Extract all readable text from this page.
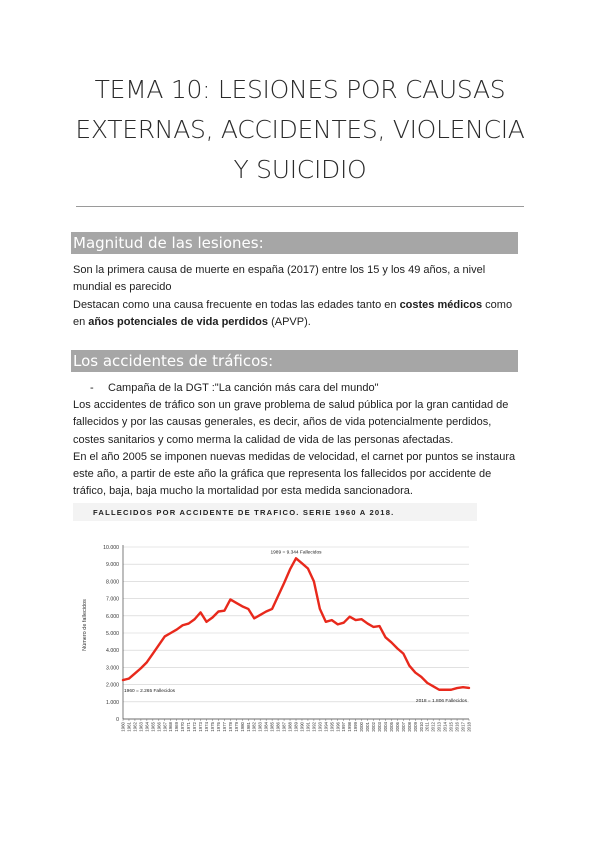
TEMA 10: LESIONES POR CAUSAS
EXTERNAS, ACCIDENTES, VIOLENCIA
Y SUICIDIO
Magnitud de las lesiones:

Son la primera causa de muerte en españa (2017) entre los 15 y los 49 años, a nivel mundial es parecido

Destacan como una causa frecuente en todas las edades tanto en costes médicos como en años potenciales de vida perdidos (APVP).

Los accidentes de tráficos:
- Campaña de la DGT :"La canción más cara del mundo"

Los accidentes de tráfico son un grave problema de salud pública por la gran cantidad de fallecidos y por las causas generales, es decir, años de vida potencialmente perdidos, costes sanitarios y como merma la calidad de vida de las personas afectadas.

En el año 2005 se imponen nuevas medidas de velocidad, el carnet por puntos se instaura este año, a partir de este año la gráfica que representa los fallecidos por accidente de tráfico, baja, baja mucho la mortalidad por esta medida sancionadora.

FALLECIDOS POR ACCIDENTE DE TRAFICO. SERIE 1960 A 2018.
Número de fallecidos
0
1.000
2.000
3.000
4.000
5.000
6.000
7.000
8.000
9.000
10.000
1960 1961 1962 1963 1964 1965 1966 1967 1968 1969 1970 1971 1972 1973 1974 1975 1976 1977 1978 1979 1980 1981 1982 1983 1984 1985 1986 1987 1988 1989 1990 1991 1992 1993 1994 1995 1996 1997 1998 1999 2000 2001 2002 2003 2004 2005 2006 2007 2008 2009 2010 2011 2012 2013 2014 2015 2016 2017 2018
1989 = 9.344 Fallecidos
1960 = 2.265 Fallecidos
2018 = 1.806 Fallecidos
